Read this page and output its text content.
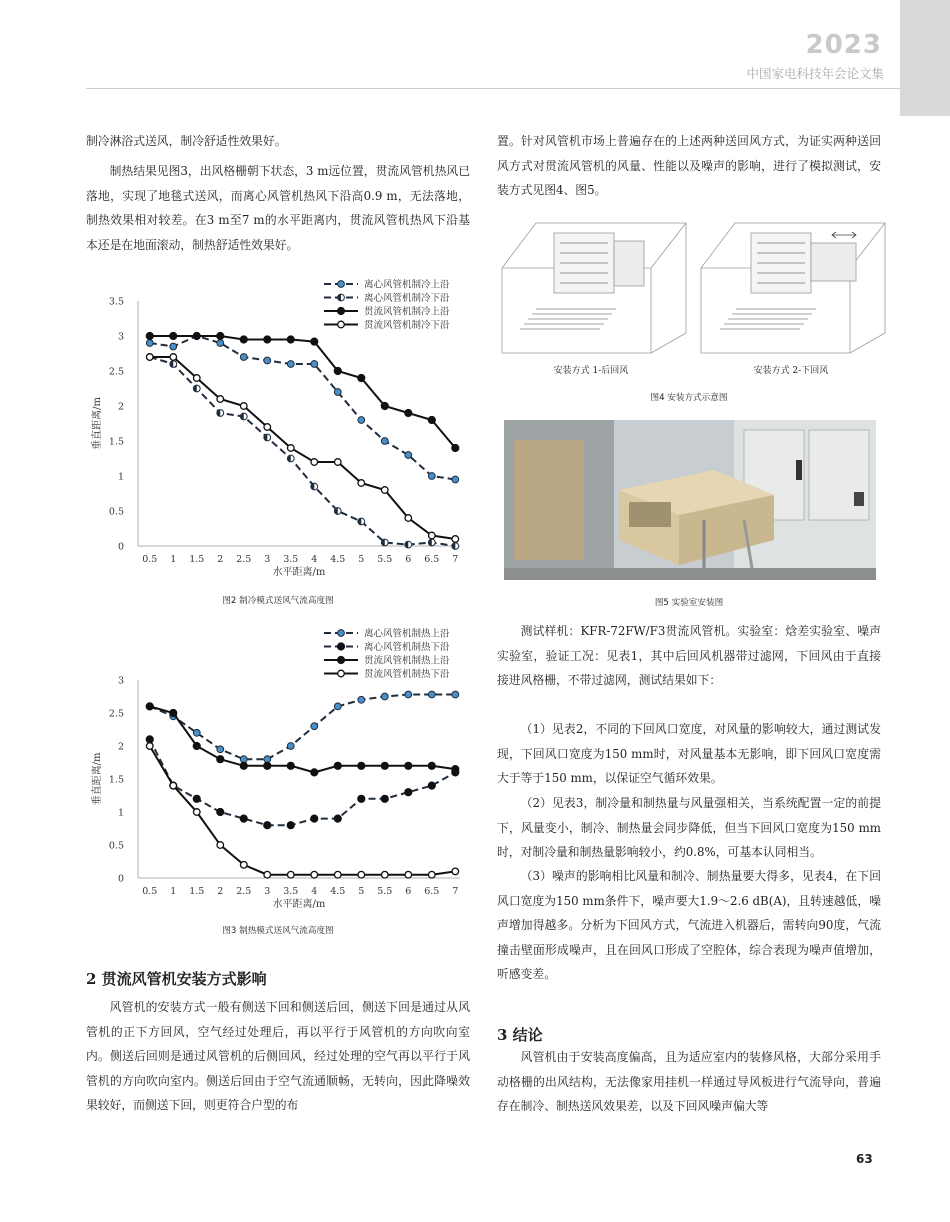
2023
中国家电科技年会论文集
制冷淋浴式送风，制冷舒适性效果好。
制热结果见图3，出风格栅朝下状态，3 m远位置，贯流风管机热风已落地，实现了地毯式送风，而离心风管机热风下沿高0.9 m，无法落地，制热效果相对较差。在3 m至7 m的水平距离内，贯流风管机热风下沿基本还是在地面滚动，制热舒适性效果好。
0
0.5
1
1.5
2
2.5
3
3.5
0.5 1 1.5 2 2.5 3 3.5 4 4.5 5 5.5 6 6.5 7
水平距离/m
垂直距离/m
离心风管机制冷上沿
离心风管机制冷下沿
贯流风管机制冷上沿
贯流风管机制冷下沿
图2 制冷模式送风气流高度图
0
0.5
1
1.5
2
2.5
3
0.5 1 1.5 2 2.5 3 3.5 4 4.5 5 5.5 6 6.5 7
水平距离/m
垂直距离/m
离心风管机制热上沿
离心风管机制热下沿
贯流风管机制热上沿
贯流风管机制热下沿
图3 制热模式送风气流高度图
2 贯流风管机安装方式影响
风管机的安装方式一般有侧送下回和侧送后回，侧送下回是通过从风管机的正下方回风，空气经过处理后，再以平行于风管机的方向吹向室内。侧送后回则是通过风管机的后侧回风，经过处理的空气再以平行于风管机的方向吹向室内。侧送后回由于空气流通顺畅，无转向，因此降噪效果较好，而侧送下回，则更符合户型的布
置。针对风管机市场上普遍存在的上述两种送回风方式，为证实两种送回风方式对贯流风管机的风量、性能以及噪声的影响，进行了模拟测试，安装方式见图4、图5。
安装方式 1-后回风	安装方式 2-下回风
图4 安装方式示意图
图5 实验室安装图
测试样机：KFR-72FW/F3贯流风管机。实验室：焓差实验室、噪声实验室，验证工况：见表1，其中后回风机器带过滤网，下回风由于直接接进风格栅，不带过滤网，测试结果如下：
（1）见表2，不同的下回风口宽度，对风量的影响较大，通过测试发现，下回风口宽度为150 mm时，对风量基本无影响，即下回风口宽度需大于等于150 mm，以保证空气循环效果。
（2）见表3，制冷量和制热量与风量强相关，当系统配置一定的前提下，风量变小，制冷、制热量会同步降低，但当下回风口宽度为150 mm时，对制冷量和制热量影响较小，约0.8%，可基本认同相当。
（3）噪声的影响相比风量和制冷、制热量要大得多，见表4，在下回风口宽度为150 mm条件下，噪声要大1.9～2.6 dB(A)，且转速越低，噪声增加得越多。分析为下回风方式，气流进入机器后，需转向90度，气流撞击壁面形成噪声，且在回风口形成了空腔体，综合表现为噪声值增加，听感变差。
3 结论
风管机由于安装高度偏高，且为适应室内的装修风格，大部分采用手动格栅的出风结构，无法像家用挂机一样通过导风板进行气流导向，普遍存在制冷、制热送风效果差，以及下回风噪声偏大等
63
